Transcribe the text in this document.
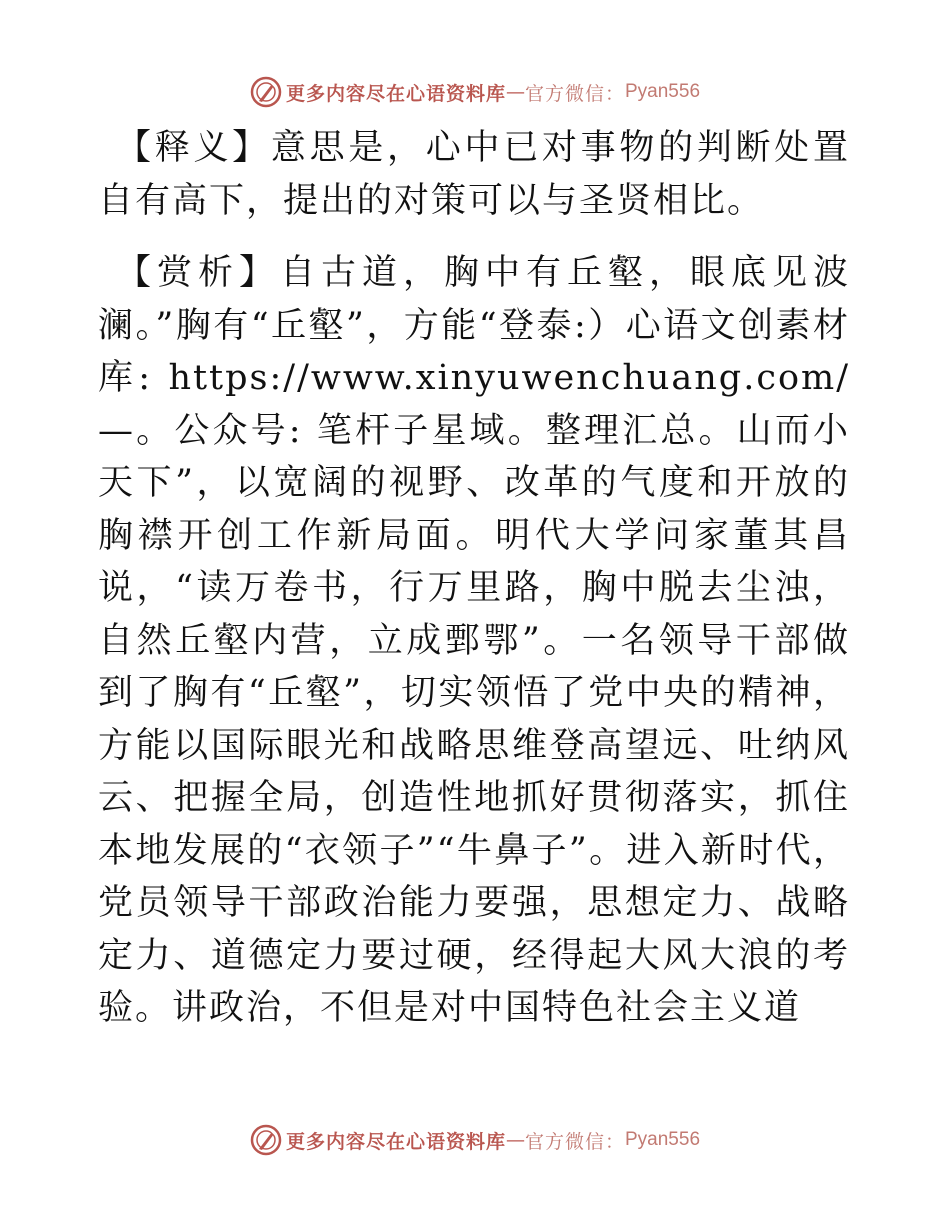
更多内容尽在心语资料库 — 官方微信： Pyan556

【释义】意思是，心中已对事物的判断处置自有高下，提出的对策可以与圣贤相比。

【赏析】自古道，胸中有丘壑，眼底见波澜。”胸有“丘壑”，方能“登泰:）心语文创素材库: https://www.xinyuwenchuang.com/—。公众号: 笔杆子星域。整理汇总。山而小天下”，以宽阔的视野、改革的气度和开放的胸襟开创工作新局面。明代大学问家董其昌说，“读万卷书，行万里路，胸中脱去尘浊，自然丘壑内营，立成鄄鄂”。一名领导干部做到了胸有“丘壑”，切实领悟了党中央的精神，方能以国际眼光和战略思维登高望远、吐纳风云、把握全局，创造性地抓好贯彻落实，抓住本地发展的“衣领子”“牛鼻子”。进入新时代，党员领导干部政治能力要强，思想定力、战略定力、道德定力要过硬，经得起大风大浪的考验。讲政治，不但是对中国特色社会主义道

更多内容尽在心语资料库 — 官方微信： Pyan556
